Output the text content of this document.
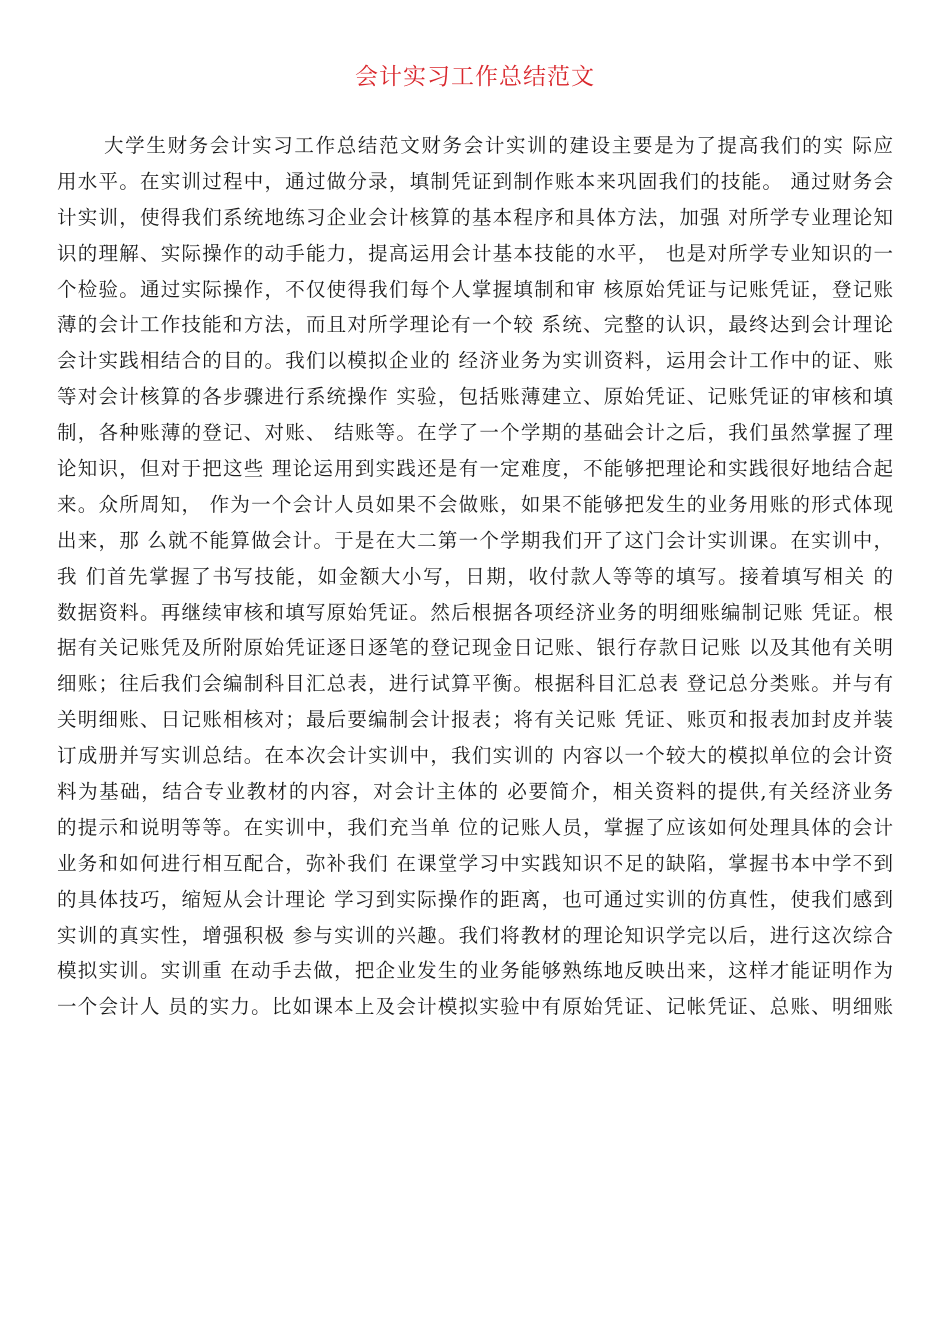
会计实习工作总结范文
大学生财务会计实习工作总结范文财务会计实训的建设主要是为了提高我们的实 际应
用水平。在实训过程中，通过做分录，填制凭证到制作账本来巩固我们的技能。 通过财务会
计实训，使得我们系统地练习企业会计核算的基本程序和具体方法，加强 对所学专业理论知
识的理解、实际操作的动手能力，提高运用会计基本技能的水平， 也是对所学专业知识的一
个检验。通过实际操作，不仅使得我们每个人掌握填制和审 核原始凭证与记账凭证，登记账
薄的会计工作技能和方法，而且对所学理论有一个较 系统、完整的认识，最终达到会计理论
会计实践相结合的目的。我们以模拟企业的 经济业务为实训资料，运用会计工作中的证、账
等对会计核算的各步骤进行系统操作 实验，包括账薄建立、原始凭证、记账凭证的审核和填
制，各种账薄的登记、对账、 结账等。在学了一个学期的基础会计之后，我们虽然掌握了理
论知识，但对于把这些 理论运用到实践还是有一定难度，不能够把理论和实践很好地结合起
来。众所周知， 作为一个会计人员如果不会做账，如果不能够把发生的业务用账的形式体现
出来，那 么就不能算做会计。于是在大二第一个学期我们开了这门会计实训课。在实训中，
我 们首先掌握了书写技能，如金额大小写，日期，收付款人等等的填写。接着填写相关 的
数据资料。再继续审核和填写原始凭证。然后根据各项经济业务的明细账编制记账 凭证。根
据有关记账凭及所附原始凭证逐日逐笔的登记现金日记账、银行存款日记账 以及其他有关明
细账；往后我们会编制科目汇总表，进行试算平衡。根据科目汇总表 登记总分类账。并与有
关明细账、日记账相核对；最后要编制会计报表；将有关记账 凭证、账页和报表加封皮并装
订成册并写实训总结。在本次会计实训中，我们实训的 内容以一个较大的模拟单位的会计资
料为基础，结合专业教材的内容，对会计主体的 必要简介，相关资料的提供,有关经济业务
的提示和说明等等。在实训中，我们充当单 位的记账人员，掌握了应该如何处理具体的会计
业务和如何进行相互配合，弥补我们 在课堂学习中实践知识不足的缺陷，掌握书本中学不到
的具体技巧，缩短从会计理论 学习到实际操作的距离，也可通过实训的仿真性，使我们感到
实训的真实性，增强积极 参与实训的兴趣。我们将教材的理论知识学完以后，进行这次综合
模拟实训。实训重 在动手去做，把企业发生的业务能够熟练地反映出来，这样才能证明作为
一个会计人 员的实力。比如课本上及会计模拟实验中有原始凭证、记帐凭证、总账、明细账
